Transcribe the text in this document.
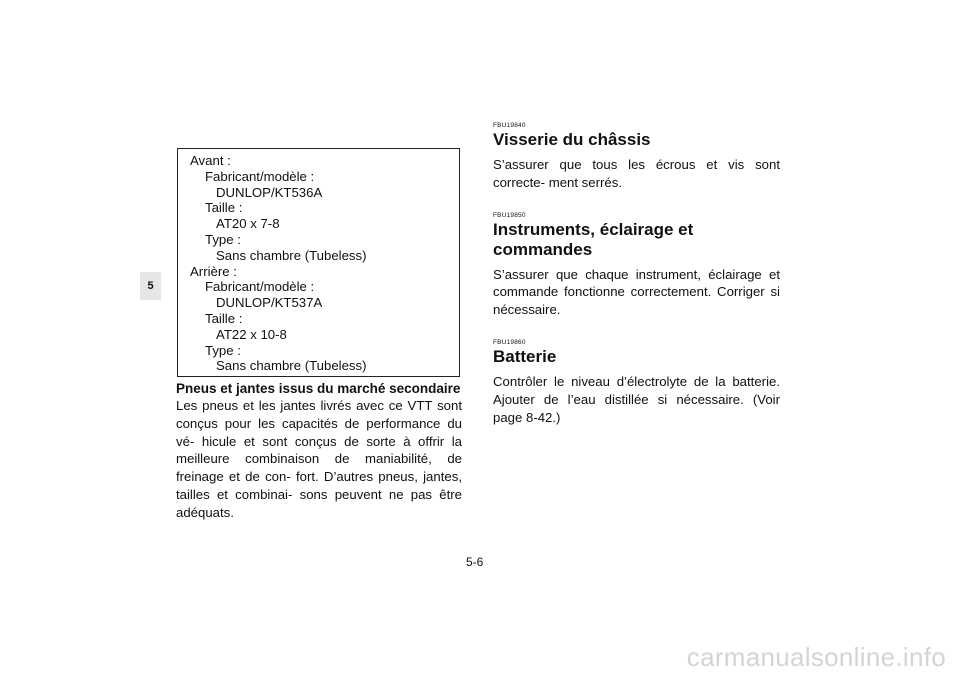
5
Avant :
Fabricant/modèle :
DUNLOP/KT536A
Taille :
AT20 x 7-8
Type :
Sans chambre (Tubeless)
Arrière :
Fabricant/modèle :
DUNLOP/KT537A
Taille :
AT22 x 10-8
Type :
Sans chambre (Tubeless)

Pneus et jantes issus du marché secondaire

Les pneus et les jantes livrés avec ce VTT sont conçus pour les capacités de performance du vé- hicule et sont conçus de sorte à offrir la meilleure combinaison de maniabilité, de freinage et de con- fort. D’autres pneus, jantes, tailles et combinai- sons peuvent ne pas être adéquats.

FBU19840

Visserie du châssis

S’assurer que tous les écrous et vis sont correcte- ment serrés.

FBU19850

Instruments, éclairage et commandes

S’assurer que chaque instrument, éclairage et commande fonctionne correctement. Corriger si nécessaire.

FBU19860

Batterie

Contrôler le niveau d’électrolyte de la batterie. Ajouter de l’eau distillée si nécessaire. (Voir page 8-42.)

5-6
carmanualsonline.info
